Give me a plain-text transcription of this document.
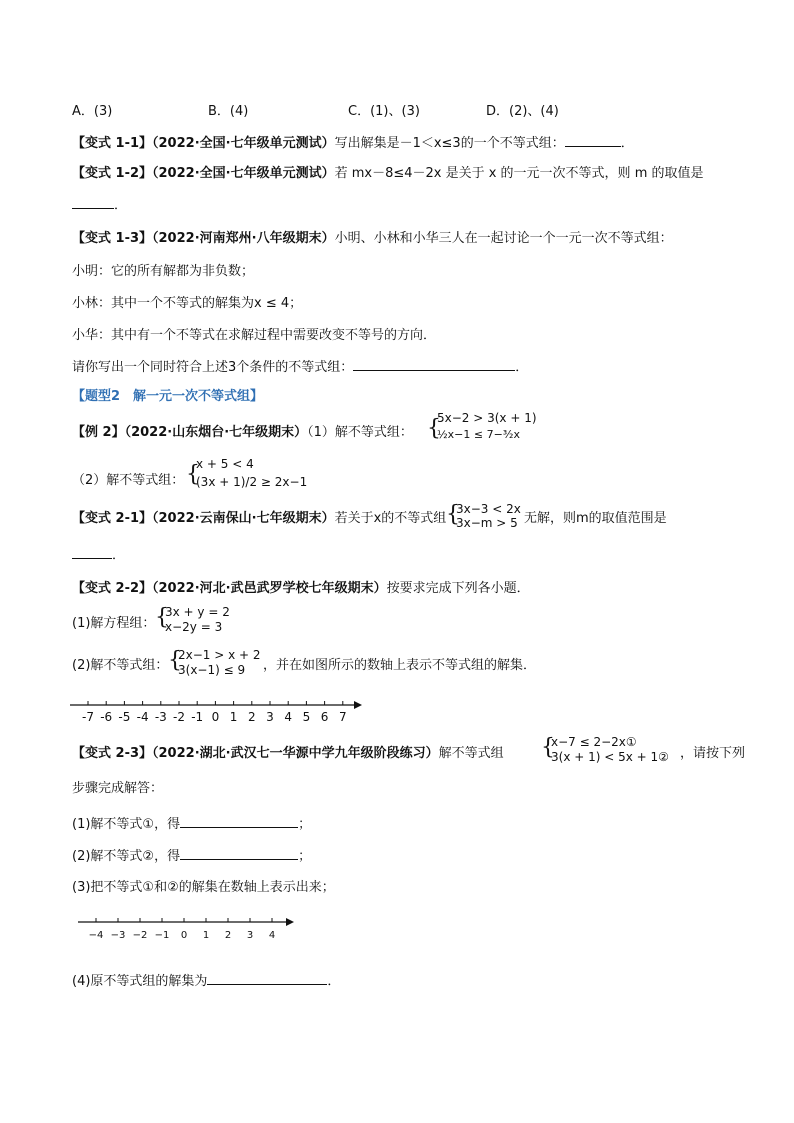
A．(3)	B．(4)	C．(1)、(3)	D．(2)、(4)
【变式 1-1】（2022·全国·七年级单元测试）写出解集是－1＜x≤3的一个不等式组：	．
【变式 1-2】（2022·全国·七年级单元测试）若 mx－8≤4－2x 是关于 x 的一元一次不等式，则 m 的取值是
．
【变式 1-3】（2022·河南郑州·八年级期末）小明、小林和小华三人在一起讨论一个一元一次不等式组：
小明：它的所有解都为非负数；
小林：其中一个不等式的解集为x ≤ 4；
小华：其中有一个不等式在求解过程中需要改变不等号的方向．
请你写出一个同时符合上述3个条件的不等式组：	．
【题型2　解一元一次不等式组】
【例 2】（2022·山东烟台·七年级期末）（1）解不等式组： {
5x−2 > 3(x + 1)
½x−1 ≤ 7−³⁄₂x
（2）解不等式组： {
x + 5 < 4
(3x + 1)/2 ≥ 2x−1
【变式 2-1】（2022·云南保山·七年级期末）若关于x的不等式组 {
3x−3 < 2x
3x−m > 5 无解，则m的取值范围是
．
【变式 2-2】（2022·河北·武邑武罗学校七年级期末）按要求完成下列各小题．
(1)解方程组： {
3x + y = 2
x−2y = 3
(2)解不等式组： {
2x−1 > x + 2
3(x−1) ≤ 9 ，并在如图所示的数轴上表示不等式组的解集．
-7 -6 -5 -4 -3 -2 -1 0 1 2 3 4 5 6 7
【变式 2-3】（2022·湖北·武汉七一华源中学九年级阶段练习）解不等式组 {
x−7 ≤ 2−2x①
3(x + 1) < 5x + 1② ，请按下列
步骤完成解答：
(1)解不等式①，得	；
(2)解不等式②，得	；
(3)把不等式①和②的解集在数轴上表示出来；
−4 −3 −2 −1 0 1 2 3 4
(4)原不等式组的解集为	．
